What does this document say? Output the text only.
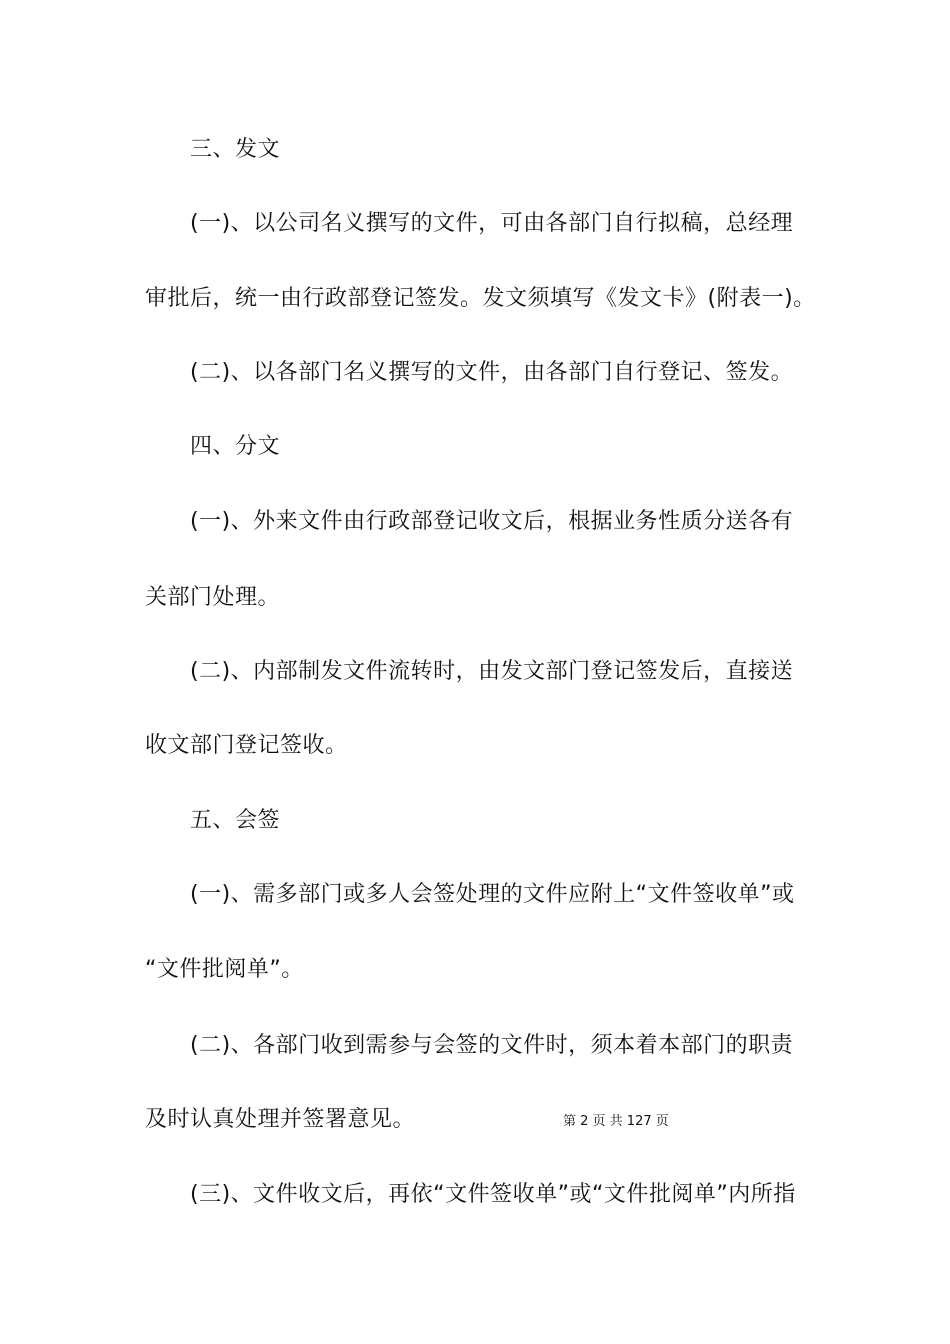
三、发文
(一)、以公司名义撰写的文件，可由各部门自行拟稿，总经理
审批后，统一由行政部登记签发。发文须填写《发文卡》(附表一)。
(二)、以各部门名义撰写的文件，由各部门自行登记、签发。
四、分文
(一)、外来文件由行政部登记收文后，根据业务性质分送各有
关部门处理。
(二)、内部制发文件流转时，由发文部门登记签发后，直接送
收文部门登记签收。
五、会签
(一)、需多部门或多人会签处理的文件应附上“文件签收单”或
“文件批阅单”。
(二)、各部门收到需参与会签的文件时，须本着本部门的职责
及时认真处理并签署意见。	第 2 页 共 127 页
(三)、文件收文后，再依“文件签收单”或“文件批阅单”内所指
